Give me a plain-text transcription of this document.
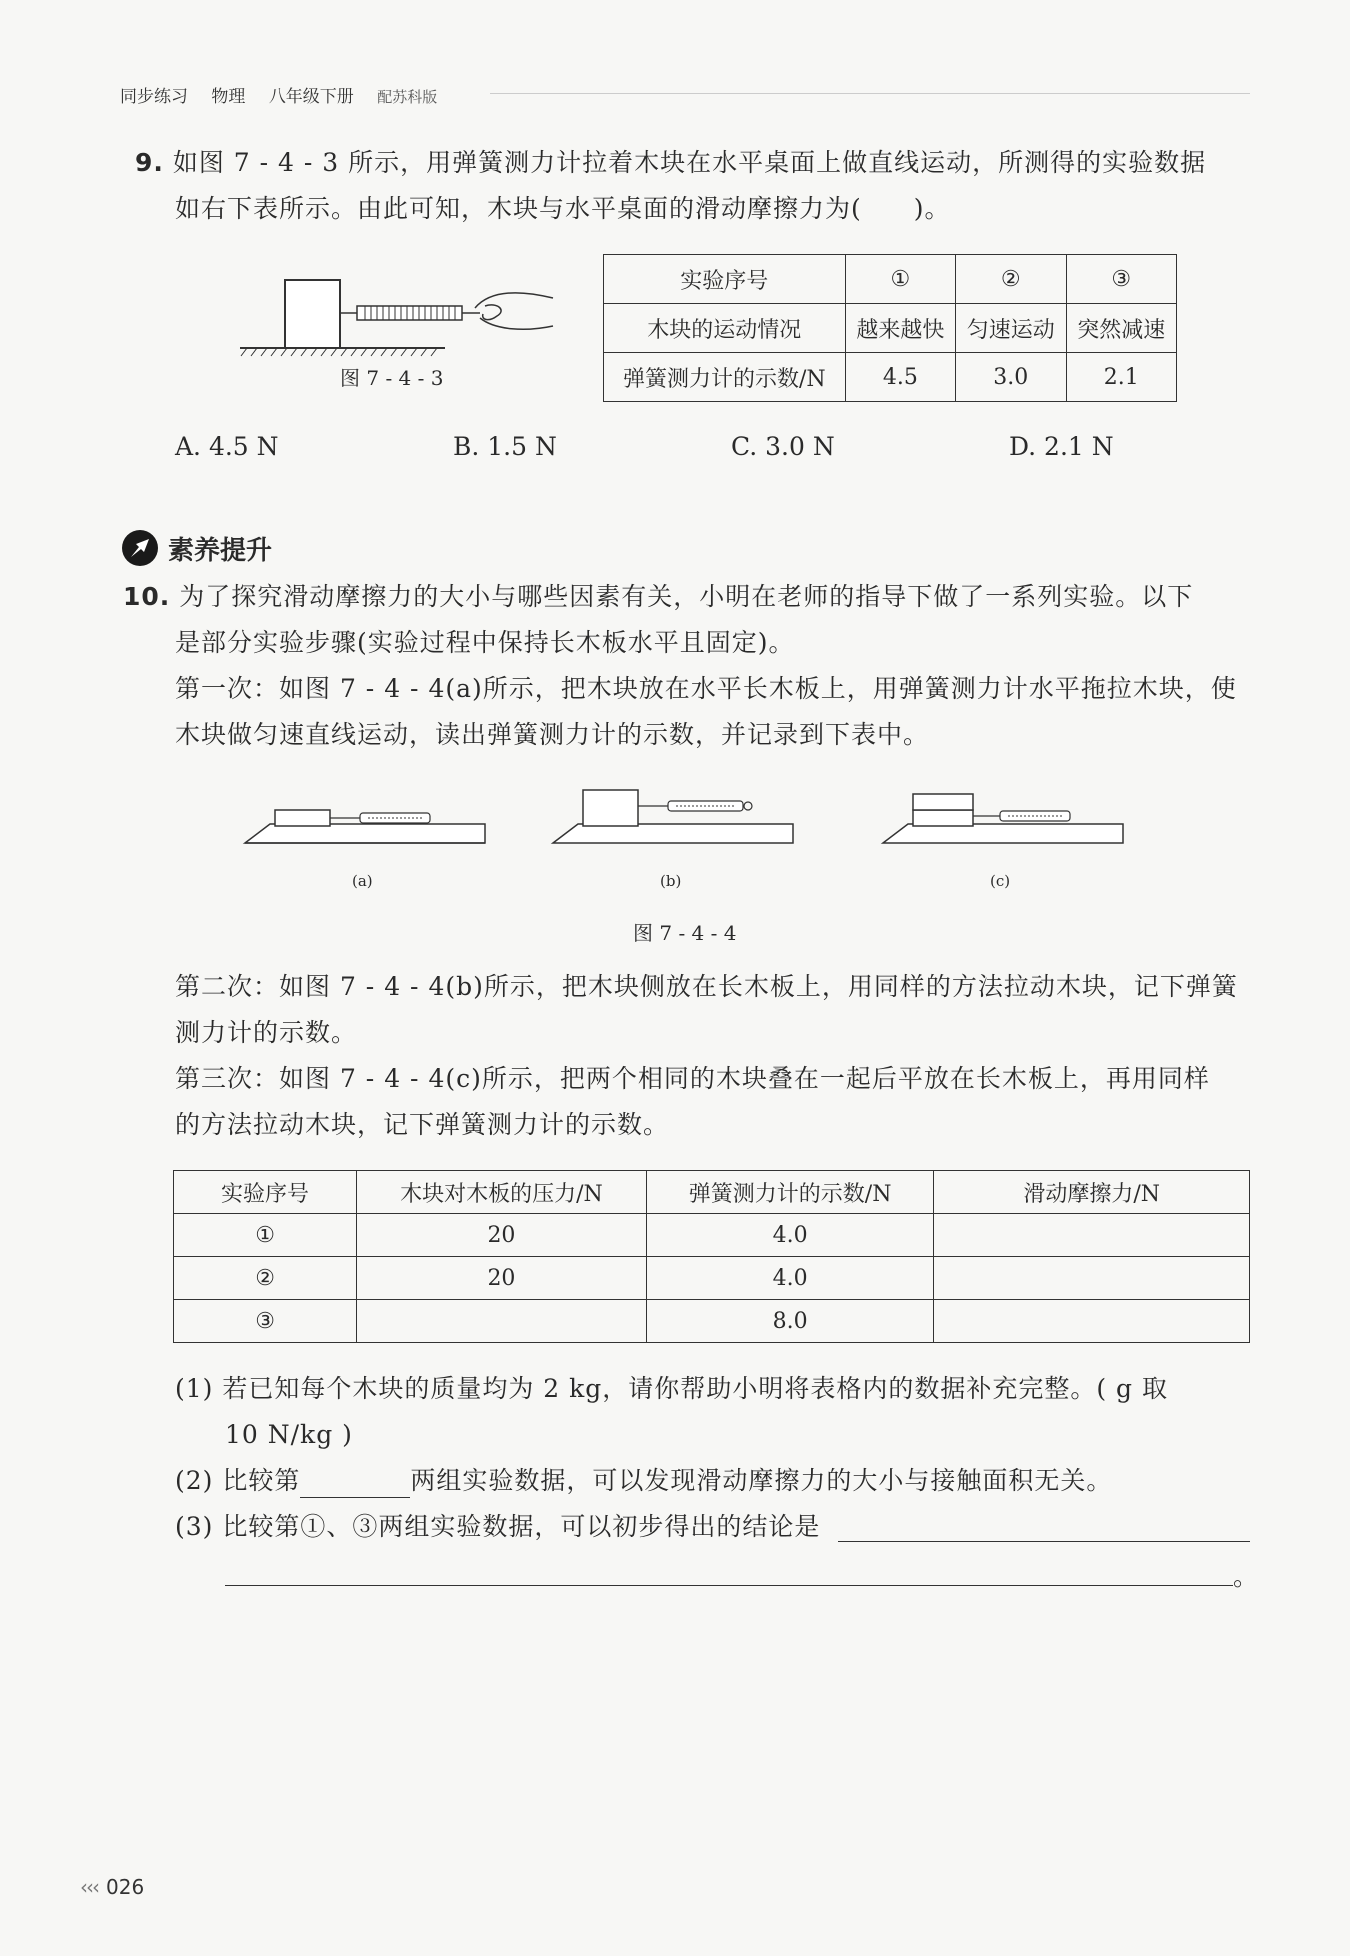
同步练习 物理 八年级下册 配苏科版
9. 如图 7 - 4 - 3 所示，用弹簧测力计拉着木块在水平桌面上做直线运动，所测得的实验数据
如右下表所示。由此可知，木块与水平桌面的滑动摩擦力为(　　)。
图 7 - 4 - 3
实验序号	①	②	③
木块的运动情况	越来越快	匀速运动	突然减速
弹簧测力计的示数/N	4.5	3.0	2.1
A. 4.5 N	B. 1.5 N	C. 3.0 N	D. 2.1 N
素养提升
10. 为了探究滑动摩擦力的大小与哪些因素有关，小明在老师的指导下做了一系列实验。以下
是部分实验步骤(实验过程中保持长木板水平且固定)。
第一次：如图 7 - 4 - 4(a)所示，把木块放在水平长木板上，用弹簧测力计水平拖拉木块，使
木块做匀速直线运动，读出弹簧测力计的示数，并记录到下表中。
(a)	(b)	(c)
图 7 - 4 - 4
第二次：如图 7 - 4 - 4(b)所示，把木块侧放在长木板上，用同样的方法拉动木块，记下弹簧
测力计的示数。
第三次：如图 7 - 4 - 4(c)所示，把两个相同的木块叠在一起后平放在长木板上，再用同样
的方法拉动木块，记下弹簧测力计的示数。
实验序号	木块对木板的压力/N	弹簧测力计的示数/N	滑动摩擦力/N
①	20	4.0	
②	20	4.0	
③		8.0	
(1) 若已知每个木块的质量均为 2 kg，请你帮助小明将表格内的数据补充完整。( g 取
10 N/kg )
(2) 比较第	两组实验数据，可以发现滑动摩擦力的大小与接触面积无关。
(3) 比较第①、③两组实验数据，可以初步得出的结论是
。
‹‹‹ 026
